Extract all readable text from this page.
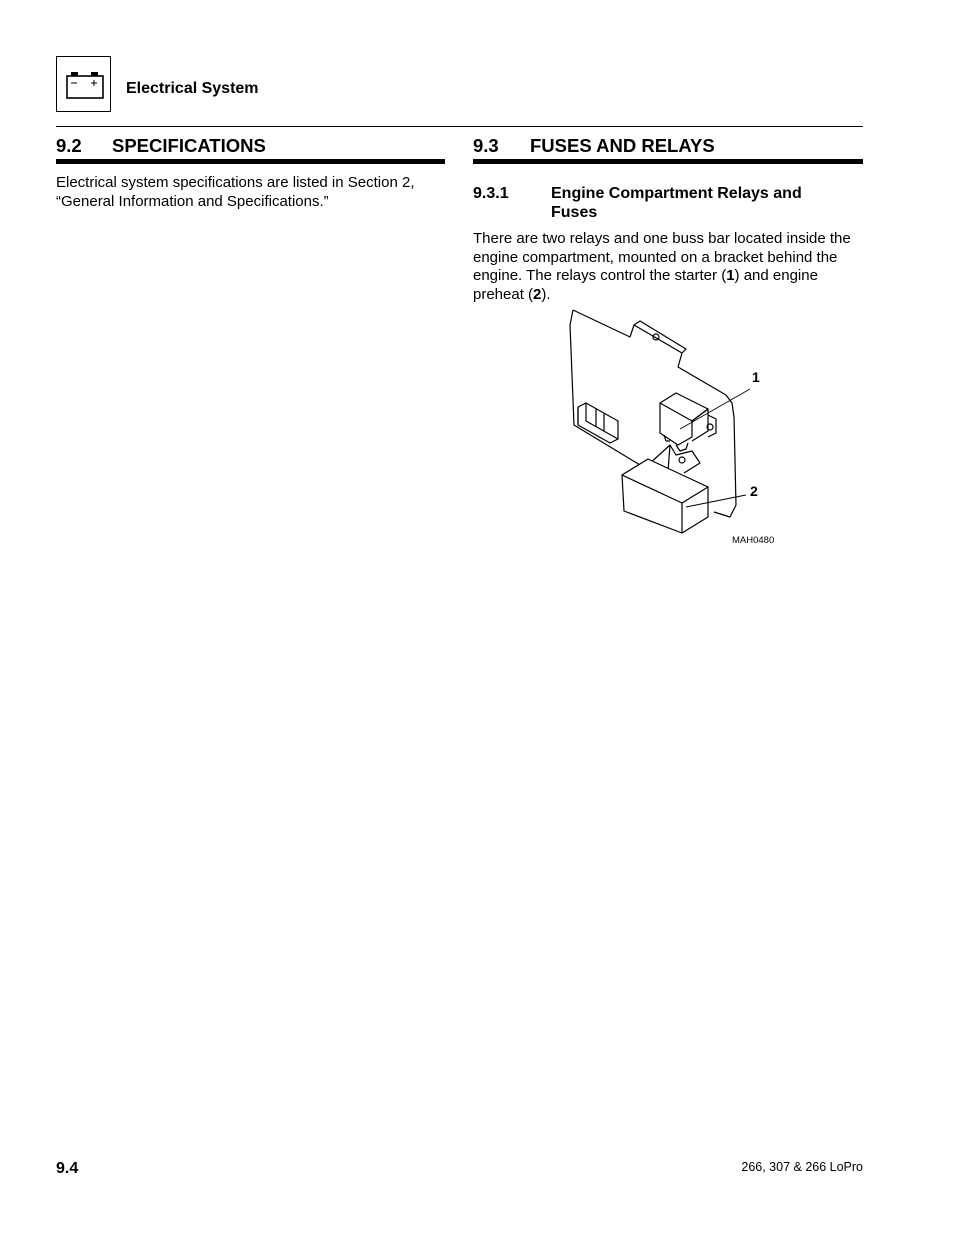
Electrical System
9.2 SPECIFICATIONS
Electrical system specifications are listed in Section 2,
“General Information and Specifications.”
9.3 FUSES AND RELAYS
9.3.1	Engine Compartment Relays and
Fuses
There are two relays and one buss bar located inside the
engine compartment, mounted on a bracket behind the
engine. The relays control the starter (1) and engine
preheat (2).
1
2
MAH0480
9.4	266, 307 & 266 LoPro
